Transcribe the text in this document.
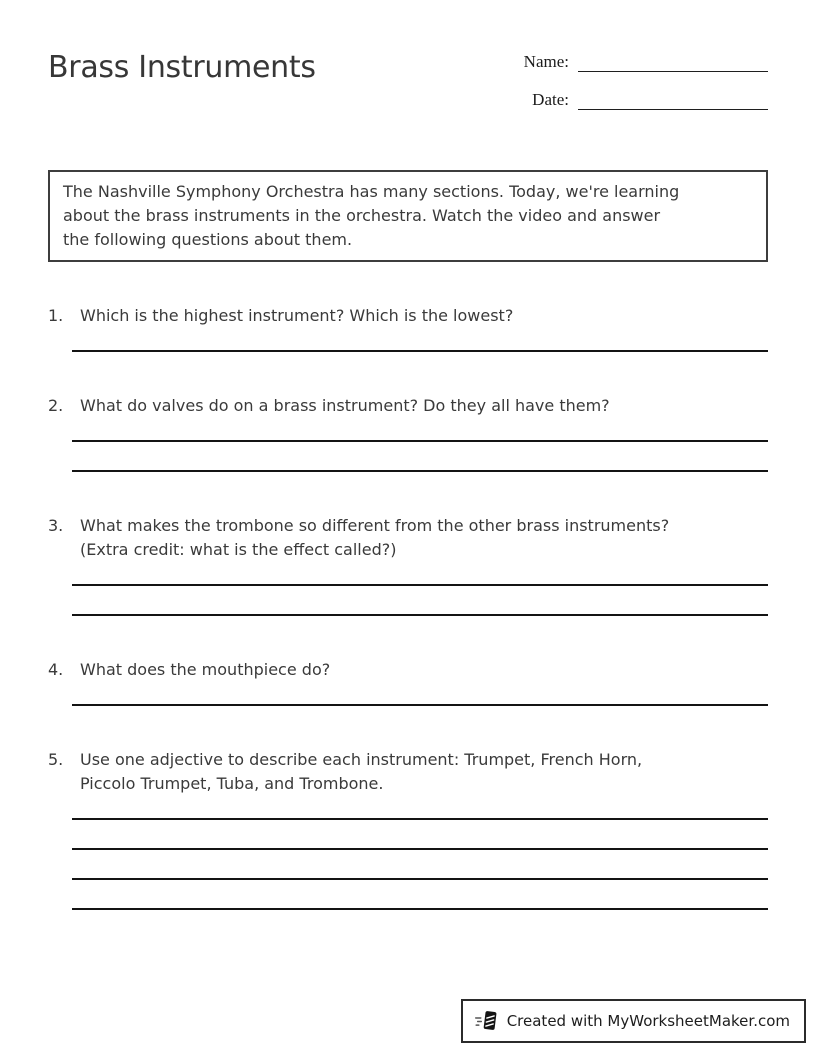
Brass Instruments	Name:
Date:
The Nashville Symphony Orchestra has many sections. Today, we're learning
about the brass instruments in the orchestra. Watch the video and answer
the following questions about them.
1.	Which is the highest instrument? Which is the lowest?
2.	What do valves do on a brass instrument? Do they all have them?
3.	What makes the trombone so different from the other brass instruments?
(Extra credit: what is the effect called?)
4.	What does the mouthpiece do?
5.	Use one adjective to describe each instrument: Trumpet, French Horn,
Piccolo Trumpet, Tuba, and Trombone.
Created with MyWorksheetMaker.com
